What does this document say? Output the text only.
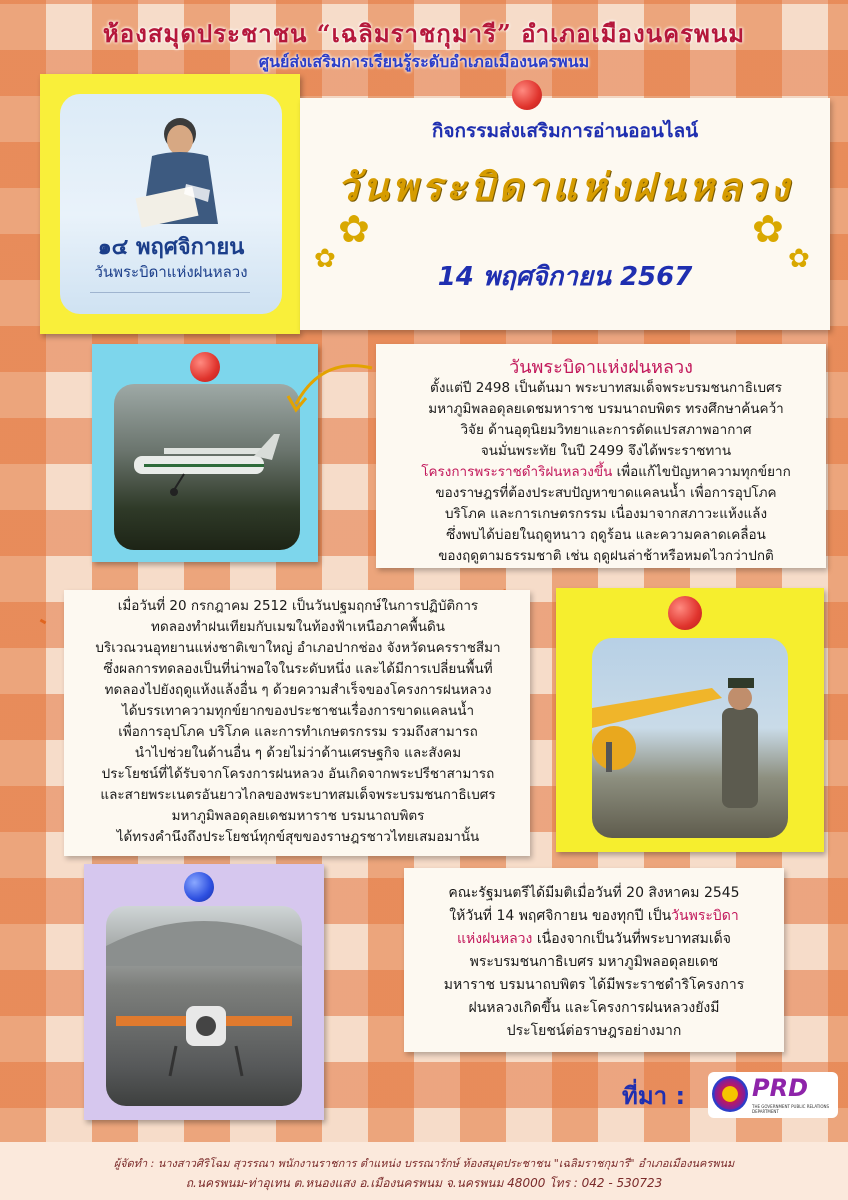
ห้องสมุดประชาชน “เฉลิมราชกุมารี” อำเภอเมืองนครพนม
ศูนย์ส่งเสริมการเรียนรู้ระดับอำเภอเมืองนครพนม
๑๔ พฤศจิกายน
วันพระบิดาแห่งฝนหลวง
กิจกรรมส่งเสริมการอ่านออนไลน์
วันพระบิดาแห่งฝนหลวง
✿
✿
✿
✿
14 พฤศจิกายน 2567
วันพระบิดาแห่งฝนหลวง
ตั้งแต่ปี 2498 เป็นต้นมา พระบาทสมเด็จพระบรมชนกาธิเบศร
มหาภูมิพลอดุลยเดชมหาราช บรมนาถบพิตร ทรงศึกษาค้นคว้า
วิจัย ด้านอุตุนิยมวิทยาและการดัดแปรสภาพอากาศ
จนมั่นพระทัย ในปี 2499 จึงได้พระราชทาน
โครงการพระราชดำริฝนหลวงขึ้น เพื่อแก้ไขปัญหาความทุกข์ยาก
ของราษฎรที่ต้องประสบปัญหาขาดแคลนน้ำ เพื่อการอุปโภค
บริโภค และการเกษตรกรรม เนื่องมาจากสภาวะแห้งแล้ง
ซึ่งพบได้บ่อยในฤดูหนาว ฤดูร้อน และความคลาดเคลื่อน
ของฤดูตามธรรมชาติ เช่น ฤดูฝนล่าช้าหรือหมดไวกว่าปกติ
เมื่อวันที่ 20 กรกฎาคม 2512 เป็นวันปฐมฤกษ์ในการปฏิบัติการ
ทดลองทำฝนเทียมกับเมฆในท้องฟ้าเหนือภาคพื้นดิน
บริเวณวนอุทยานแห่งชาติเขาใหญ่ อำเภอปากช่อง จังหวัดนครราชสีมา
ซึ่งผลการทดลองเป็นที่น่าพอใจในระดับหนึ่ง และได้มีการเปลี่ยนพื้นที่
ทดลองไปยังฤดูแห้งแล้งอื่น ๆ ด้วยความสำเร็จของโครงการฝนหลวง
ได้บรรเทาความทุกข์ยากของประชาชนเรื่องการขาดแคลนน้ำ
เพื่อการอุปโภค บริโภค และการทำเกษตรกรรม รวมถึงสามารถ
นำไปช่วยในด้านอื่น ๆ ด้วยไม่ว่าด้านเศรษฐกิจ และสังคม
ประโยชน์ที่ได้รับจากโครงการฝนหลวง อันเกิดจากพระปรีชาสามารถ
และสายพระเนตรอันยาวไกลของพระบาทสมเด็จพระบรมชนกาธิเบศร
มหาภูมิพลอดุลยเดชมหาราช บรมนาถบพิตร
ได้ทรงคำนึงถึงประโยชน์ทุกข์สุขของราษฎรชาวไทยเสมอมานั้น
คณะรัฐมนตรีได้มีมติเมื่อวันที่ 20 สิงหาคม 2545
ให้วันที่ 14 พฤศจิกายน ของทุกปี เป็นวันพระบิดา
แห่งฝนหลวง เนื่องจากเป็นวันที่พระบาทสมเด็จ
พระบรมชนกาธิเบศร มหาภูมิพลอดุลยเดช
มหาราช บรมนาถบพิตร ได้มีพระราชดำริโครงการ
ฝนหลวงเกิดขึ้น และโครงการฝนหลวงยังมี
ประโยชน์ต่อราษฎรอย่างมาก
ที่มา :	PRD
THE GOVERNMENT PUBLIC RELATIONS DEPARTMENT
ผู้จัดทำ : นางสาวศิริโฉม สุวรรณา พนักงานราชการ ตำแหน่ง บรรณารักษ์ ห้องสมุดประชาชน "เฉลิมราชกุมารี" อำเภอเมืองนครพนม
ถ.นครพนม-ท่าอุเทน ต.หนองแสง อ.เมืองนครพนม จ.นครพนม 48000 โทร : 042 - 530723
